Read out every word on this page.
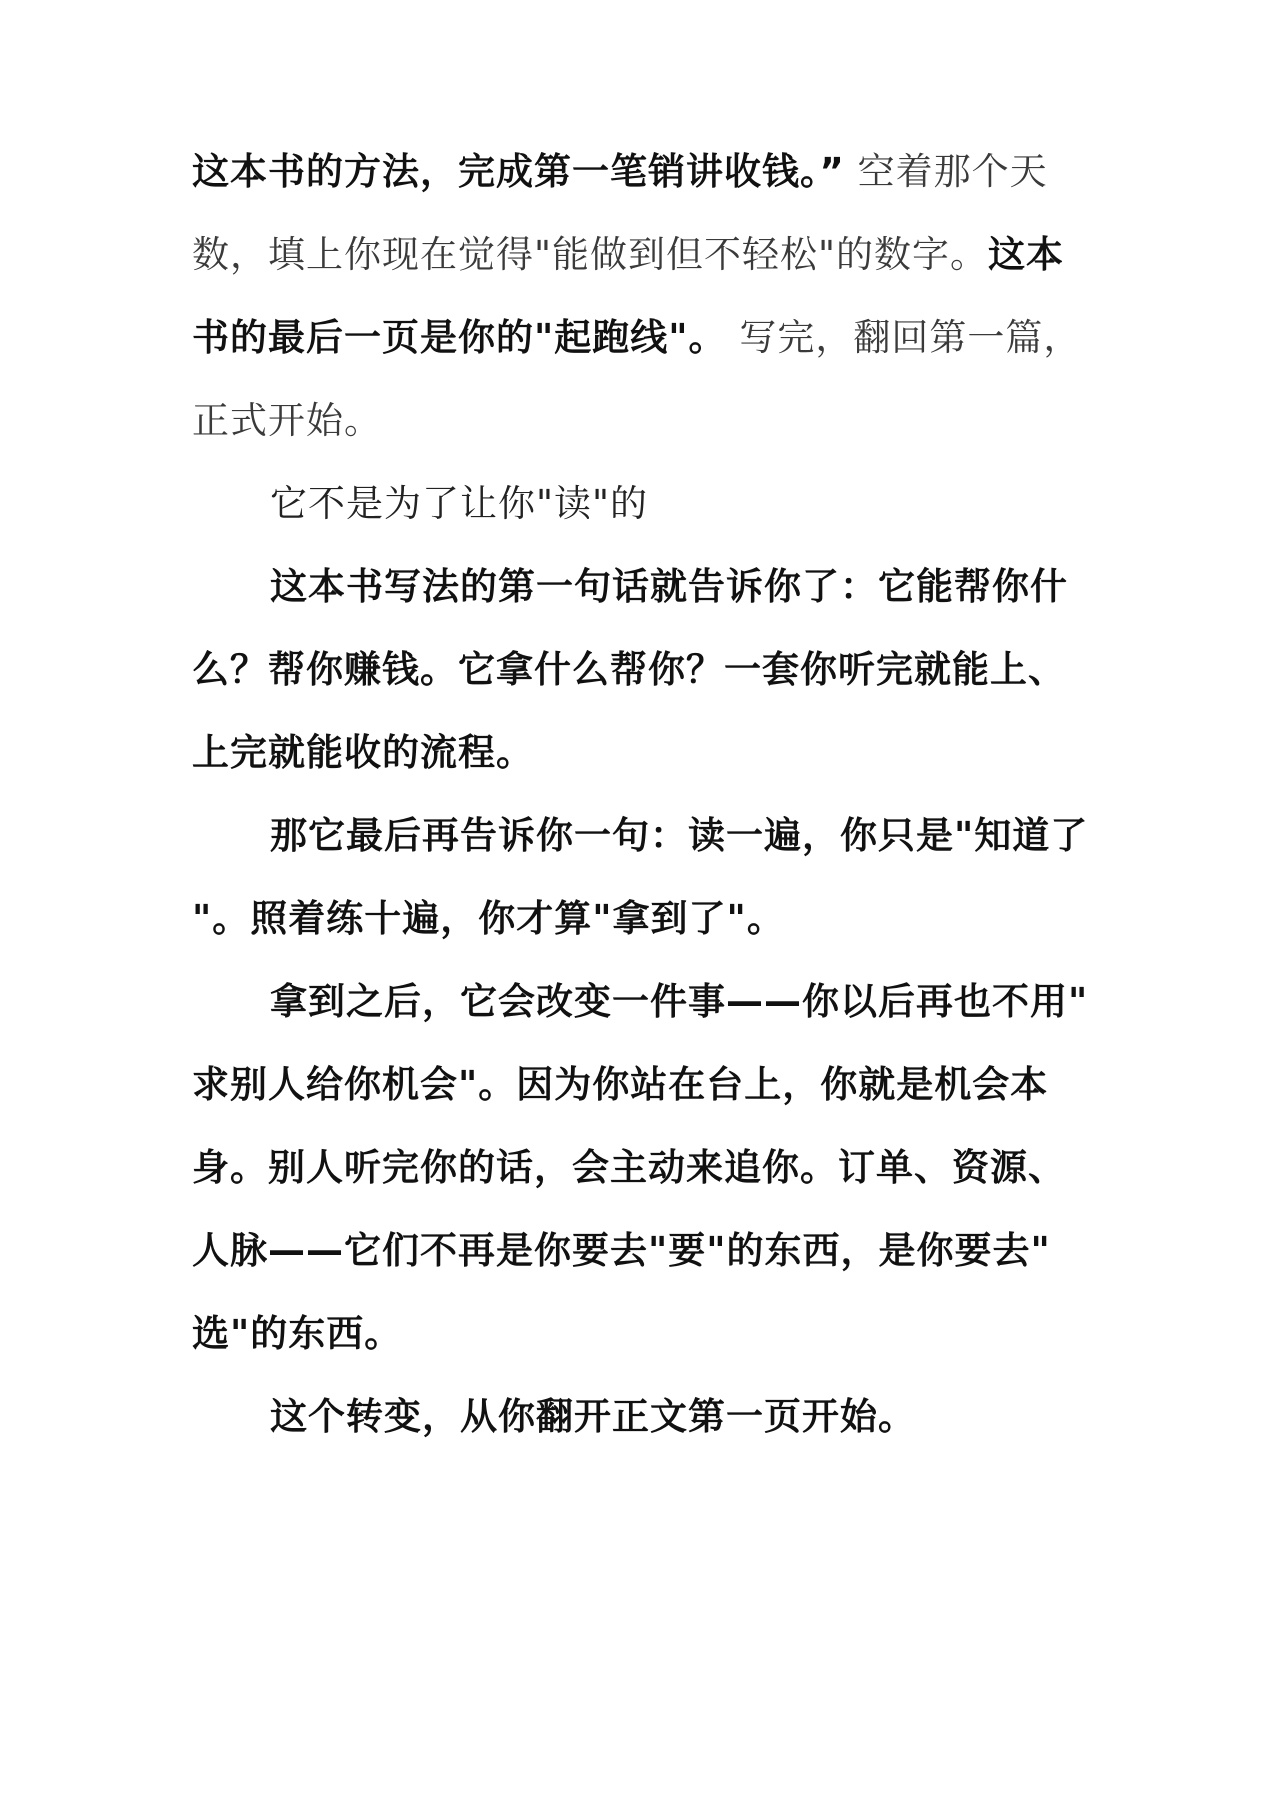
这本书的方法，完成第一笔销讲收钱。” 空着那个天
数，填上你现在觉得"能做到但不轻松"的数字。这本
书的最后一页是你的"起跑线"。 写完，翻回第一篇，
正式开始。
它不是为了让你"读"的
这本书写法的第一句话就告诉你了：它能帮你什
么？帮你赚钱。它拿什么帮你？一套你听完就能上、
上完就能收的流程。
那它最后再告诉你一句：读一遍，你只是"知道了
"。照着练十遍，你才算"拿到了"。
拿到之后，它会改变一件事——你以后再也不用"
求别人给你机会"。因为你站在台上，你就是机会本
身。别人听完你的话，会主动来追你。订单、资源、
人脉——它们不再是你要去"要"的东西，是你要去"
选"的东西。
这个转变，从你翻开正文第一页开始。
